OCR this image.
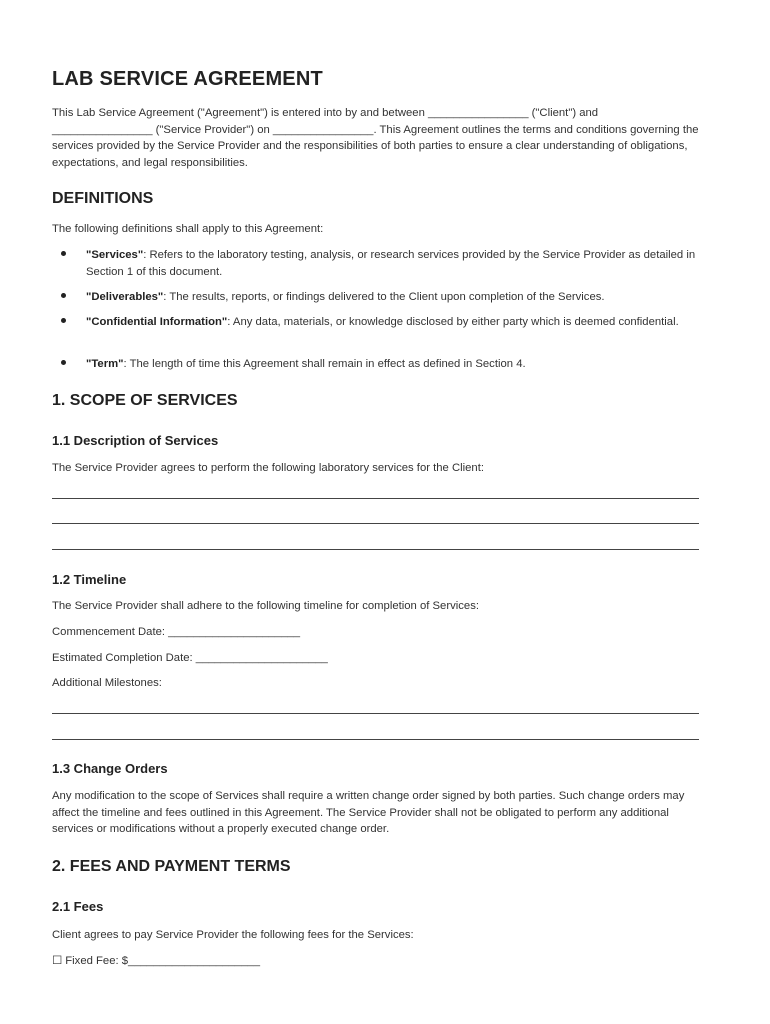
LAB SERVICE AGREEMENT

This Lab Service Agreement ("Agreement") is entered into by and between ________________ ("Client") and ________________ ("Service Provider") on ________________. This Agreement outlines the terms and conditions governing the services provided by the Service Provider and the responsibilities of both parties to ensure a clear understanding of obligations, expectations, and legal responsibilities.

DEFINITIONS

The following definitions shall apply to this Agreement:

"Services": Refers to the laboratory testing, analysis, or research services provided by the Service Provider as detailed in Section 1 of this document.
"Deliverables": The results, reports, or findings delivered to the Client upon completion of the Services.
"Confidential Information": Any data, materials, or knowledge disclosed by either party which is deemed confidential.
"Term": The length of time this Agreement shall remain in effect as defined in Section 4.
1. SCOPE OF SERVICES
1.1 Description of Services

The Service Provider agrees to perform the following laboratory services for the Client:

1.2 Timeline

The Service Provider shall adhere to the following timeline for completion of Services:

Commencement Date: _____________________

Estimated Completion Date: _____________________

Additional Milestones:

1.3 Change Orders

Any modification to the scope of Services shall require a written change order signed by both parties. Such change orders may affect the timeline and fees outlined in this Agreement. The Service Provider shall not be obligated to perform any additional services or modifications without a properly executed change order.

2. FEES AND PAYMENT TERMS
2.1 Fees

Client agrees to pay Service Provider the following fees for the Services:

☐ Fixed Fee: $_____________________
